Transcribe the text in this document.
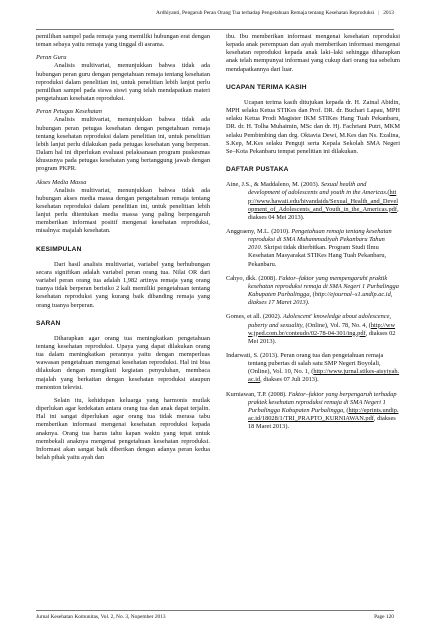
Ardhiyanti, Pengaruh Peran Orang Tua terhadap Pengetahuan Remaja tentang Kesehatan Reproduksi | 2013

pemilihan sampel pada remaja yang memiliki hubungan erat dengan teman sebaya yaitu remaja yang tinggal di asrama.

Peran Guru

Analisis multivariat, menunjukkan bahwa tidak ada hubungan peran guru dengan pengetahuan remaja tentang kesehatan reproduksi dalam penelitian ini, untuk penelitian lebih lanjut perlu pemilihan sampel pada siswa siswi yang telah mendapatkan materi pengetahuan kesehatan reproduksi.

Peran Petugas Kesehatan

Analisis multivariat, menunjukkan bahwa tidak ada hubungan peran petugas kesehatan dengan pengetahuan remaja tentang kesehatan reproduksi dalam penelitian ini, untuk penelitian lebih lanjut perlu dilakukan pada petugas kesehatan yang berperan. Dalam hal ini diperlukan evaluasi pelaksanaan program puskesmas khususnya pada petugas kesehatan yang bertanggung jawab dengan program PKPR.

Akses Media Massa

Analisis multivariat, menunjukkan bahwa tidak ada hubungan akses media massa dengan pengetahuan remaja tentang kesehatan reproduksi dalam penelitian ini, untuk penelitian lebih lanjut perlu ditentukan media massa yang paling berpengaruh memberikan informasi positif mengenai kesehatan reproduksi, misalnya: majalah kesehatan.

KESIMPULAN

Dari hasil analisis multivariat, variabel yang berhubungan secara signifikan adalah variabel peran orang tua. Nilai OR dari variabel peran orang tua adalah 1,982 artinya remaja yang orang tuanya tidak berperan berisiko 2 kali memiliki pengetahuan tentang kesehatan reproduksi yang kurang baik dibanding remaja yang orang tuanya berperan.

SARAN

Diharapkan agar orang tua meningkatkan pengetahuan tentang kesehatan reproduksi. Upaya yang dapat dilakukan orang tua dalam meningkatkan perannya yaitu dengan memperluas wawasan pengetahuan mengenai kesehatan reproduksi. Hal ini bisa dilakukan dengan mengikuti kegiatan penyuluhan, membaca majalah yang berkaitan dengan kesehatan reproduksi ataupun menonton televisi.

Selain itu, kehidupan keluarga yang harmonis mutlak diperlukan agar kedekatan antara orang tua dan anak dapat terjalin. Hal ini sangat diperlukan agar orang tua tidak merasa tabu memberikan informasi mengenai kesehatan reproduksi kepada anaknya. Orang tua harus tahu kapan waktu yang tepat untuk membekali anaknya mengenai pengetahuan kesehatan reproduksi. Informasi akan sangat baik diberikan dengan adanya peran kedua belah pihak yaitu ayah dan

ibu. Ibu memberikan informasi mengenai kesehatan reproduksi kepada anak perempuan dan ayah memberikan informasi mengenai kesehatan reproduksi kepada anak laki–laki sehingga diharapkan anak telah mempunyai informasi yang cukup dari orang tua sebelum mendapatkannya dari luar.

UCAPAN TERIMA KASIH

Ucapan terima kasih ditujukan kepada dr. H. Zainal Abidin, MPH selaku Ketua STIKes dan Prof. DR. dr. Buchari Lapau, MPH selaku Ketua Prodi Magister IKM STIKes Hang Tuah Pekanbaru, DR. dr. H. Tolha Muhaimin, MSc dan dr. Hj. Fachriani Putri, MKM selaku Pembimbing dan drg. Oktavia Dewi, M.Kes dan Ns. Ezalina, S.Kep, M.Kes selaku Penguji serta Kepala Sekolah SMA Negeri Se–Kota Pekanbaru tempat penelitian ini dilakukan.

DAFTAR PUSTAKA
Aine, J.S., & Maddaleno, M. (2003). Sexual health and development of adolescents and youth in the Americas.(http://www.hawaii.edu/hivandaids/Sexual_Health_and_Development_of_Adolescents_and_Youth_in_the_Americas.pdf, diakses 04 Mei 2013).
Anggraeny, M.L. (2010). Pengetahuan remaja tentang kesehatan reproduksi di SMA Muhammadiyah Pekanbaru Tahun 2010. Skripsi tidak diterbitkan. Program Studi Ilmu Kesehatan Masyarakat STIKes Hang Tuah Pekanbaru, Pekanbaru.
Cahyo, dkk. (2008). Faktor–faktor yang mempengaruhi praktik kesehatan reproduksi remaja di SMA Negeri 1 Purbalingga Kabupaten Purbalingga, (http://ejournal–s1.undip.ac.id, diakses 17 Maret 2013).
Gomes, et all. (2002). Adolescent' knowledge about adolescence, puberty and sexuality, (Online), Vol. 78, No. 4, (http://www.jped.com.br/conteudo/02-78-04-301/ing.pdf, diakses 02 Mei 2013).
Indarwati, S. (2013). Peran orang tua dan pengetahuan remaja tentang pubertas di salah satu SMP Negeri Boyolali, (Online), Vol. 10, No. 1, (http://www.jurnal.stikes-aisyiyah.ac.id, diakses 07 Juli 2013).
Kurniawan, T.P. (2008). Faktor–faktor yang berpengaruh terhadap praktek kesehatan reproduksi remaja di SMA Negeri 1 Purbalingga Kabupaten Purbalingga, (http://eprints.undip.ac.id/18028/1/TRI_PRAPTO_KURNIAWAN.pdf, diakses 18 Maret 2013).
Jurnal Kesehatan Komunitas, Vol. 2, No. 3, Nopember 2013	Page 120
